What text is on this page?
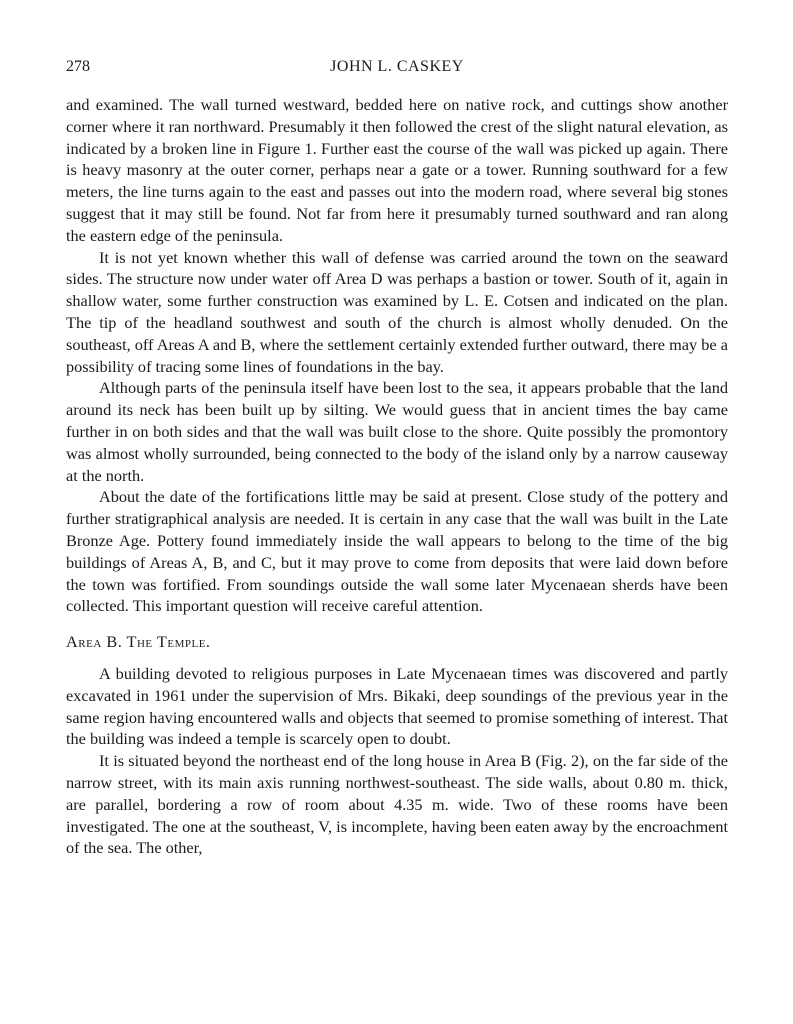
278	JOHN L. CASKEY

and examined. The wall turned westward, bedded here on native rock, and cuttings show another corner where it ran northward. Presumably it then followed the crest of the slight natural elevation, as indicated by a broken line in Figure 1. Further east the course of the wall was picked up again. There is heavy masonry at the outer corner, perhaps near a gate or a tower. Running southward for a few meters, the line turns again to the east and passes out into the modern road, where several big stones suggest that it may still be found. Not far from here it presumably turned southward and ran along the eastern edge of the peninsula.

It is not yet known whether this wall of defense was carried around the town on the seaward sides. The structure now under water off Area D was perhaps a bastion or tower. South of it, again in shallow water, some further construction was examined by L. E. Cotsen and indicated on the plan. The tip of the headland southwest and south of the church is almost wholly denuded. On the southeast, off Areas A and B, where the settlement certainly extended further outward, there may be a possibility of tracing some lines of foundations in the bay.

Although parts of the peninsula itself have been lost to the sea, it appears probable that the land around its neck has been built up by silting. We would guess that in ancient times the bay came further in on both sides and that the wall was built close to the shore. Quite possibly the promontory was almost wholly surrounded, being connected to the body of the island only by a narrow causeway at the north.

About the date of the fortifications little may be said at present. Close study of the pottery and further stratigraphical analysis are needed. It is certain in any case that the wall was built in the Late Bronze Age. Pottery found immediately inside the wall appears to belong to the time of the big buildings of Areas A, B, and C, but it may prove to come from deposits that were laid down before the town was fortified. From soundings outside the wall some later Mycenaean sherds have been collected. This important question will receive careful attention.

Area B. The Temple.

A building devoted to religious purposes in Late Mycenaean times was discovered and partly excavated in 1961 under the supervision of Mrs. Bikaki, deep soundings of the previous year in the same region having encountered walls and objects that seemed to promise something of interest. That the building was indeed a temple is scarcely open to doubt.

It is situated beyond the northeast end of the long house in Area B (Fig. 2), on the far side of the narrow street, with its main axis running northwest-southeast. The side walls, about 0.80 m. thick, are parallel, bordering a row of room about 4.35 m. wide. Two of these rooms have been investigated. The one at the southeast, V, is incomplete, having been eaten away by the encroachment of the sea. The other,
